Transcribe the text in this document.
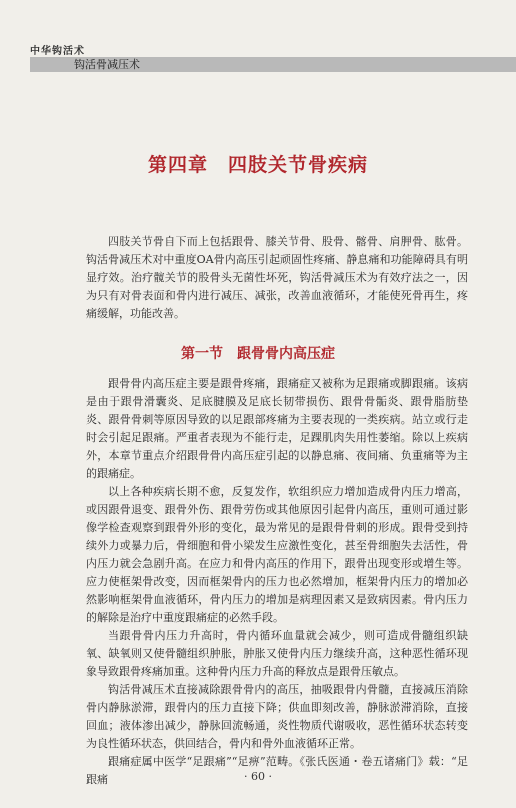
中华钩活术
钩活骨减压术
第四章　四肢关节骨疾病

四肢关节骨自下而上包括跟骨、膝关节骨、股骨、髂骨、肩胛骨、肱骨。钩活骨减压术对中重度OA骨内高压引起顽固性疼痛、静息痛和功能障碍具有明显疗效。治疗髋关节的股骨头无菌性坏死，钩活骨减压术为有效疗法之一，因为只有对骨表面和骨内进行减压、减张，改善血液循环，才能使死骨再生，疼痛缓解，功能改善。

第一节　跟骨骨内高压症

跟骨骨内高压症主要是跟骨疼痛，跟痛症又被称为足跟痛或脚跟痛。该病是由于跟骨滑囊炎、足底腱膜及足底长韧带损伤、跟骨骨骺炎、跟骨脂肪垫炎、跟骨骨刺等原因导致的以足跟部疼痛为主要表现的一类疾病。站立或行走时会引起足跟痛。严重者表现为不能行走，足踝肌肉失用性萎缩。除以上疾病外，本章节重点介绍跟骨骨内高压症引起的以静息痛、夜间痛、负重痛等为主的跟痛症。

以上各种疾病长期不愈，反复发作，软组织应力增加造成骨内压力增高，或因跟骨退变、跟骨外伤、跟骨劳伤或其他原因引起骨内高压，重则可通过影像学检查观察到跟骨外形的变化，最为常见的是跟骨骨刺的形成。跟骨受到持续外力或暴力后，骨细胞和骨小梁发生应激性变化，甚至骨细胞失去活性，骨内压力就会急剧升高。在应力和骨内高压的作用下，跟骨出现变形或增生等。应力使框架骨改变，因而框架骨内的压力也必然增加，框架骨内压力的增加必然影响框架骨血液循环，骨内压力的增加是病理因素又是致病因素。骨内压力的解除是治疗中重度跟痛症的必然手段。

当跟骨骨内压力升高时，骨内循环血量就会减少，则可造成骨髓组织缺氧、缺氧则又使骨髓组织肿胀，肿胀又使骨内压力继续升高，这种恶性循环现象导致跟骨疼痛加重。这种骨内压力升高的释放点是跟骨压敏点。

钩活骨减压术直接减除跟骨骨内的高压，抽吸跟骨内骨髓，直接减压消除骨内静脉淤滞，跟骨内的压力直接下降；供血即刻改善，静脉淤滞消除，直接回血；液体渗出减少，静脉回流畅通，炎性物质代谢吸收，恶性循环状态转变为良性循环状态，供回结合，骨内和骨外血液循环正常。

跟痛症属中医学“足跟痛”“足痹”范畴。《张氏医通・卷五诸痛门》载：“足跟痛	· 60 ·
